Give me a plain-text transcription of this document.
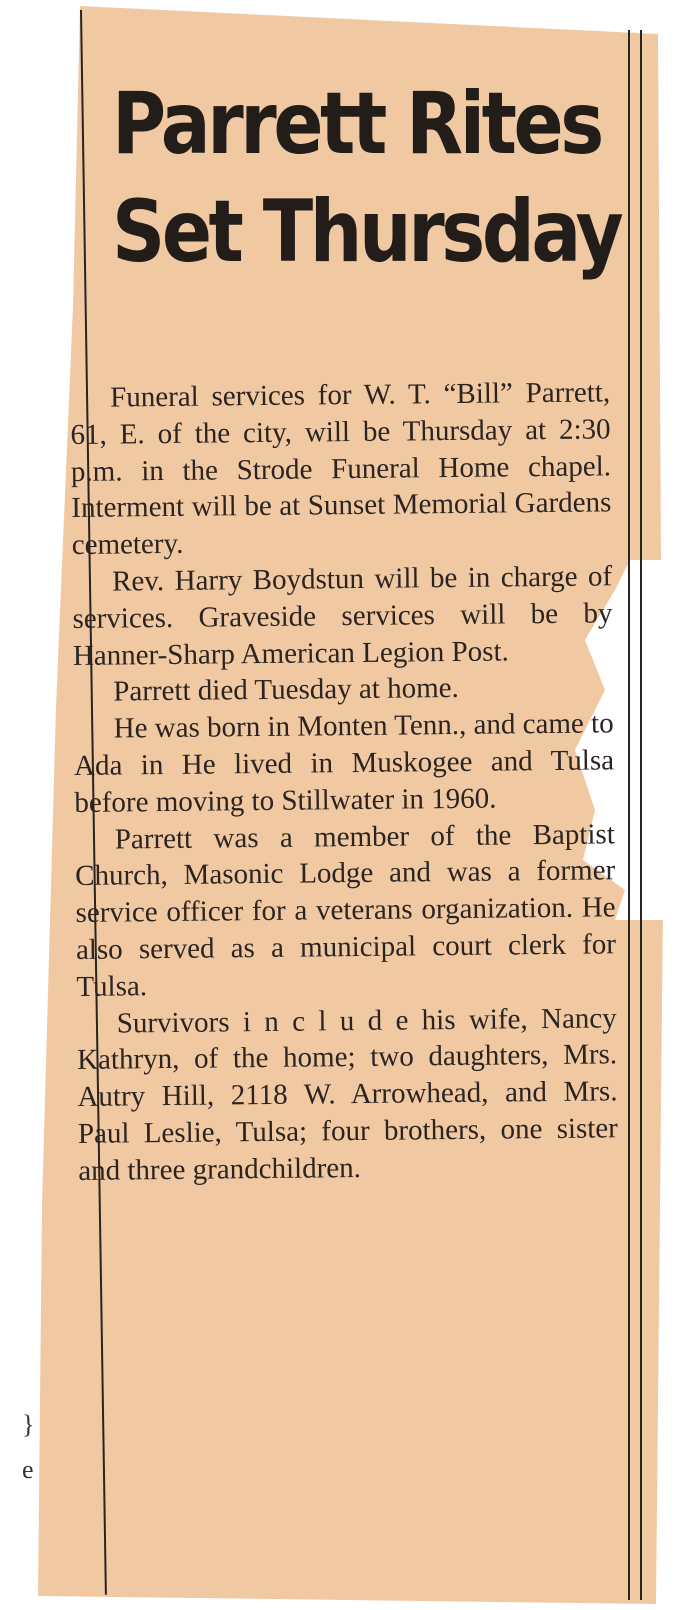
Parrett Rites
Set Thursday

Funeral services for W. T. “Bill” Parrett, 61, E. of the city, will be Thursday at 2:30 p.m. in the Strode Funeral Home chapel. Interment will be at Sunset Memorial Gardens cemetery.

Rev. Harry Boydstun will be in charge of services. Graveside services will be by Hanner-Sharp American Legion Post.

Parrett died Tuesday at home.

He was born in Monten Tenn., and came to Ada in He lived in Muskogee and Tulsa before moving to Stillwater in 1960.

Parrett was a member of the Baptist Church, Masonic Lodge and was a former service officer for a veterans organization. He also served as a municipal court clerk for Tulsa.

Survivors i n c l u d e his wife, Nancy Kathryn, of the home; two daughters, Mrs. Autry Hill, 2118 W. Arrowhead, and Mrs. Paul Leslie, Tulsa; four brothers, one sister and three grandchildren.

}
e
